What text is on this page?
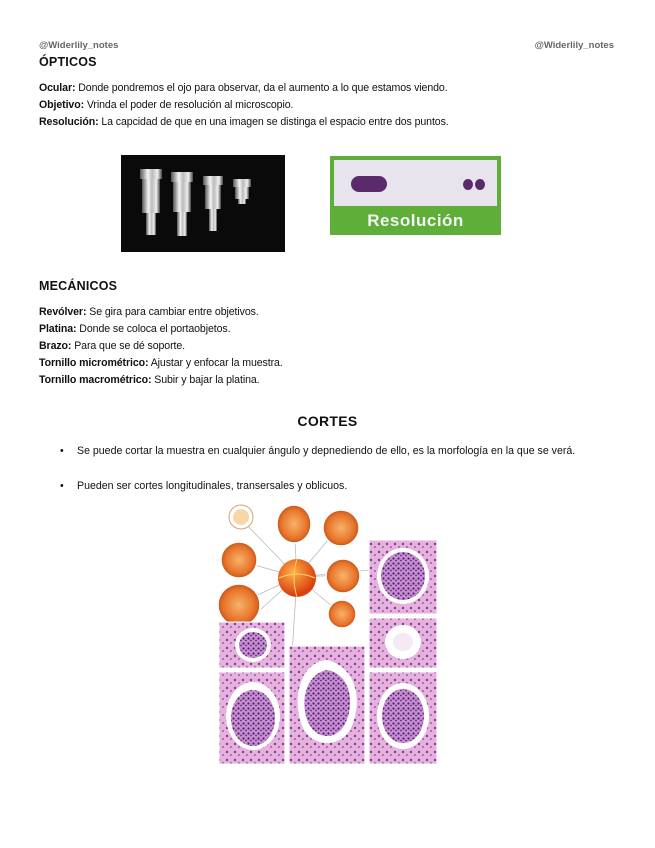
@Widerlily_notes	@Widerlily_notes
ÓPTICOS
Ocular: Donde pondremos el ojo para observar, da el aumento a lo que estamos viendo.
Objetivo: Vrinda el poder de resolución al microscopio.
Resolución: La capcidad de que en una imagen se distinga el espacio entre dos puntos.
Resolución
MECÁNICOS
Revólver: Se gira para cambiar entre objetivos.
Platina: Donde se coloca el portaobjetos.
Brazo: Para que se dé soporte.
Tornillo micrométrico: Ajustar y enfocar la muestra.
Tornillo macrométrico: Subir y bajar la platina.
CORTES
• Se puede cortar la muestra en cualquier ángulo y depnediendo de ello, es la morfología en la que se verá.
• Pueden ser cortes longitudinales, transersales y oblicuos.
